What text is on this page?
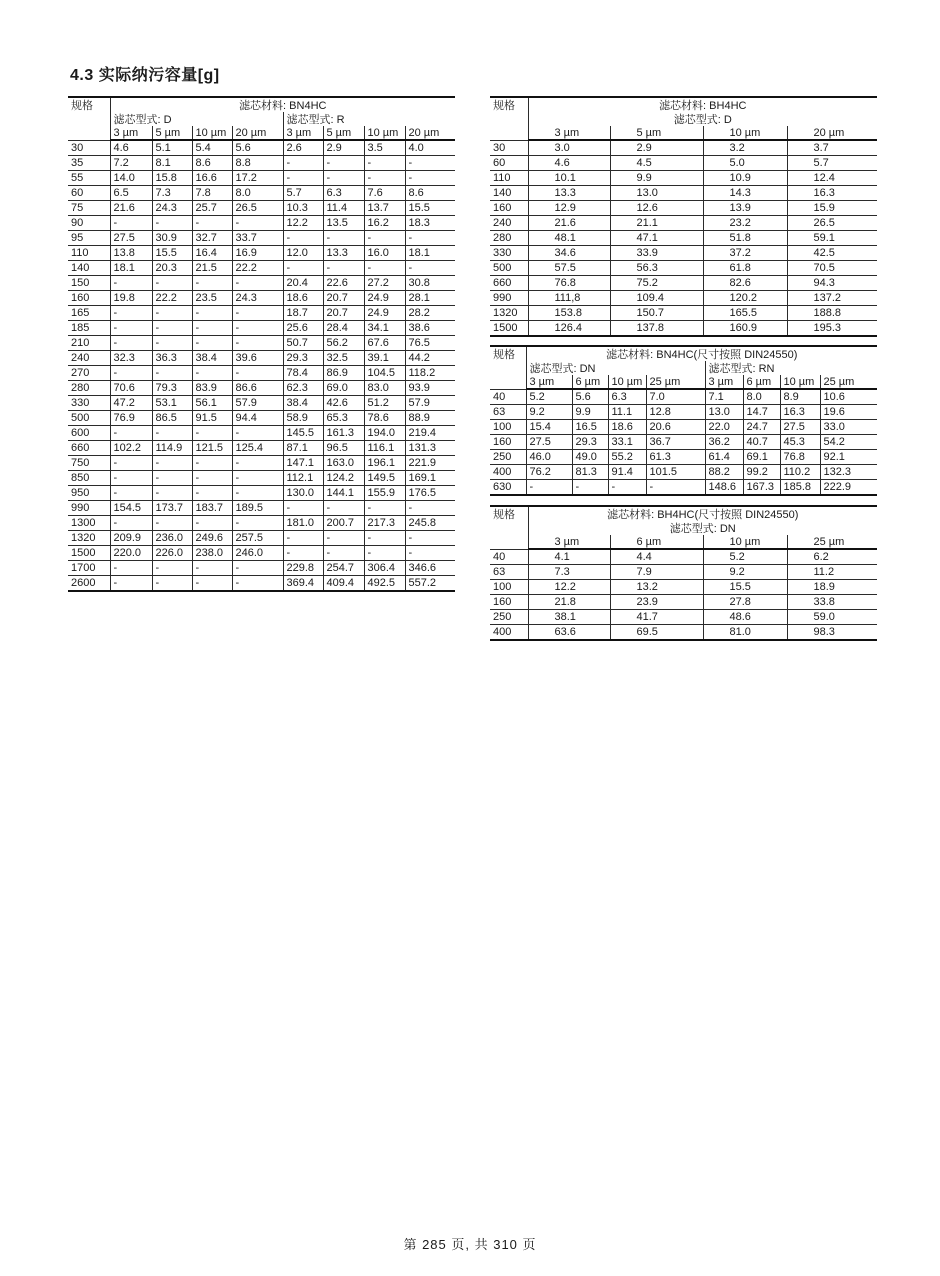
4.3 实际纳污容量[g]
规格	滤芯材料: BN4HC							
	滤芯型式: D				滤芯型式: R			
	3 µm	5 µm	10 µm	20 µm	3 µm	5 µm	10 µm	20 µm
30	4.6	5.1	5.4	5.6	2.6	2.9	3.5	4.0
35	7.2	8.1	8.6	8.8	-	-	-	-
55	14.0	15.8	16.6	17.2	-	-	-	-
60	6.5	7.3	7.8	8.0	5.7	6.3	7.6	8.6
75	21.6	24.3	25.7	26.5	10.3	11.4	13.7	15.5
90	-	-	-	-	12.2	13.5	16.2	18.3
95	27.5	30.9	32.7	33.7	-	-	-	-
110	13.8	15.5	16.4	16.9	12.0	13.3	16.0	18.1
140	18.1	20.3	21.5	22.2	-	-	-	-
150	-	-	-	-	20.4	22.6	27.2	30.8
160	19.8	22.2	23.5	24.3	18.6	20.7	24.9	28.1
165	-	-	-	-	18.7	20.7	24.9	28.2
185	-	-	-	-	25.6	28.4	34.1	38.6
210	-	-	-	-	50.7	56.2	67.6	76.5
240	32.3	36.3	38.4	39.6	29.3	32.5	39.1	44.2
270	-	-	-	-	78.4	86.9	104.5	118.2
280	70.6	79.3	83.9	86.6	62.3	69.0	83.0	93.9
330	47.2	53.1	56.1	57.9	38.4	42.6	51.2	57.9
500	76.9	86.5	91.5	94.4	58.9	65.3	78.6	88.9
600	-	-	-	-	145.5	161.3	194.0	219.4
660	102.2	114.9	121.5	125.4	87.1	96.5	116.1	131.3
750	-	-	-	-	147.1	163.0	196.1	221.9
850	-	-	-	-	112.1	124.2	149.5	169.1
950	-	-	-	-	130.0	144.1	155.9	176.5
990	154.5	173.7	183.7	189.5	-	-	-	-
1300	-	-	-	-	181.0	200.7	217.3	245.8
1320	209.9	236.0	249.6	257.5	-	-	-	-
1500	220.0	226.0	238.0	246.0	-	-	-	-
1700	-	-	-	-	229.8	254.7	306.4	346.6
2600	-	-	-	-	369.4	409.4	492.5	557.2
规格	滤芯材料: BH4HC			
	滤芯型式: D			
	3 µm	5 µm	10 µm	20 µm
30	3.0	2.9	3.2	3.7
60	4.6	4.5	5.0	5.7
110	10.1	9.9	10.9	12.4
140	13.3	13.0	14.3	16.3
160	12.9	12.6	13.9	15.9
240	21.6	21.1	23.2	26.5
280	48.1	47.1	51.8	59.1
330	34.6	33.9	37.2	42.5
500	57.5	56.3	61.8	70.5
660	76.8	75.2	82.6	94.3
990	111,8	109.4	120.2	137.2
1320	153.8	150.7	165.5	188.8
1500	126.4	137.8	160.9	195.3
规格	滤芯材料: BN4HC(尺寸按照 DIN24550)							
	滤芯型式: DN				滤芯型式: RN			
	3 µm	6 µm	10 µm	25 µm	3 µm	6 µm	10 µm	25 µm
40	5.2	5.6	6.3	7.0	7.1	8.0	8.9	10.6
63	9.2	9.9	11.1	12.8	13.0	14.7	16.3	19.6
100	15.4	16.5	18.6	20.6	22.0	24.7	27.5	33.0
160	27.5	29.3	33.1	36.7	36.2	40.7	45.3	54.2
250	46.0	49.0	55.2	61.3	61.4	69.1	76.8	92.1
400	76.2	81.3	91.4	101.5	88.2	99.2	110.2	132.3
630	-	-	-	-	148.6	167.3	185.8	222.9
规格	滤芯材料: BH4HC(尺寸按照 DIN24550)			
	滤芯型式: DN			
	3 µm	6 µm	10 µm	25 µm
40	4.1	4.4	5.2	6.2
63	7.3	7.9	9.2	11.2
100	12.2	13.2	15.5	18.9
160	21.8	23.9	27.8	33.8
250	38.1	41.7	48.6	59.0
400	63.6	69.5	81.0	98.3
第 285 页, 共 310 页
